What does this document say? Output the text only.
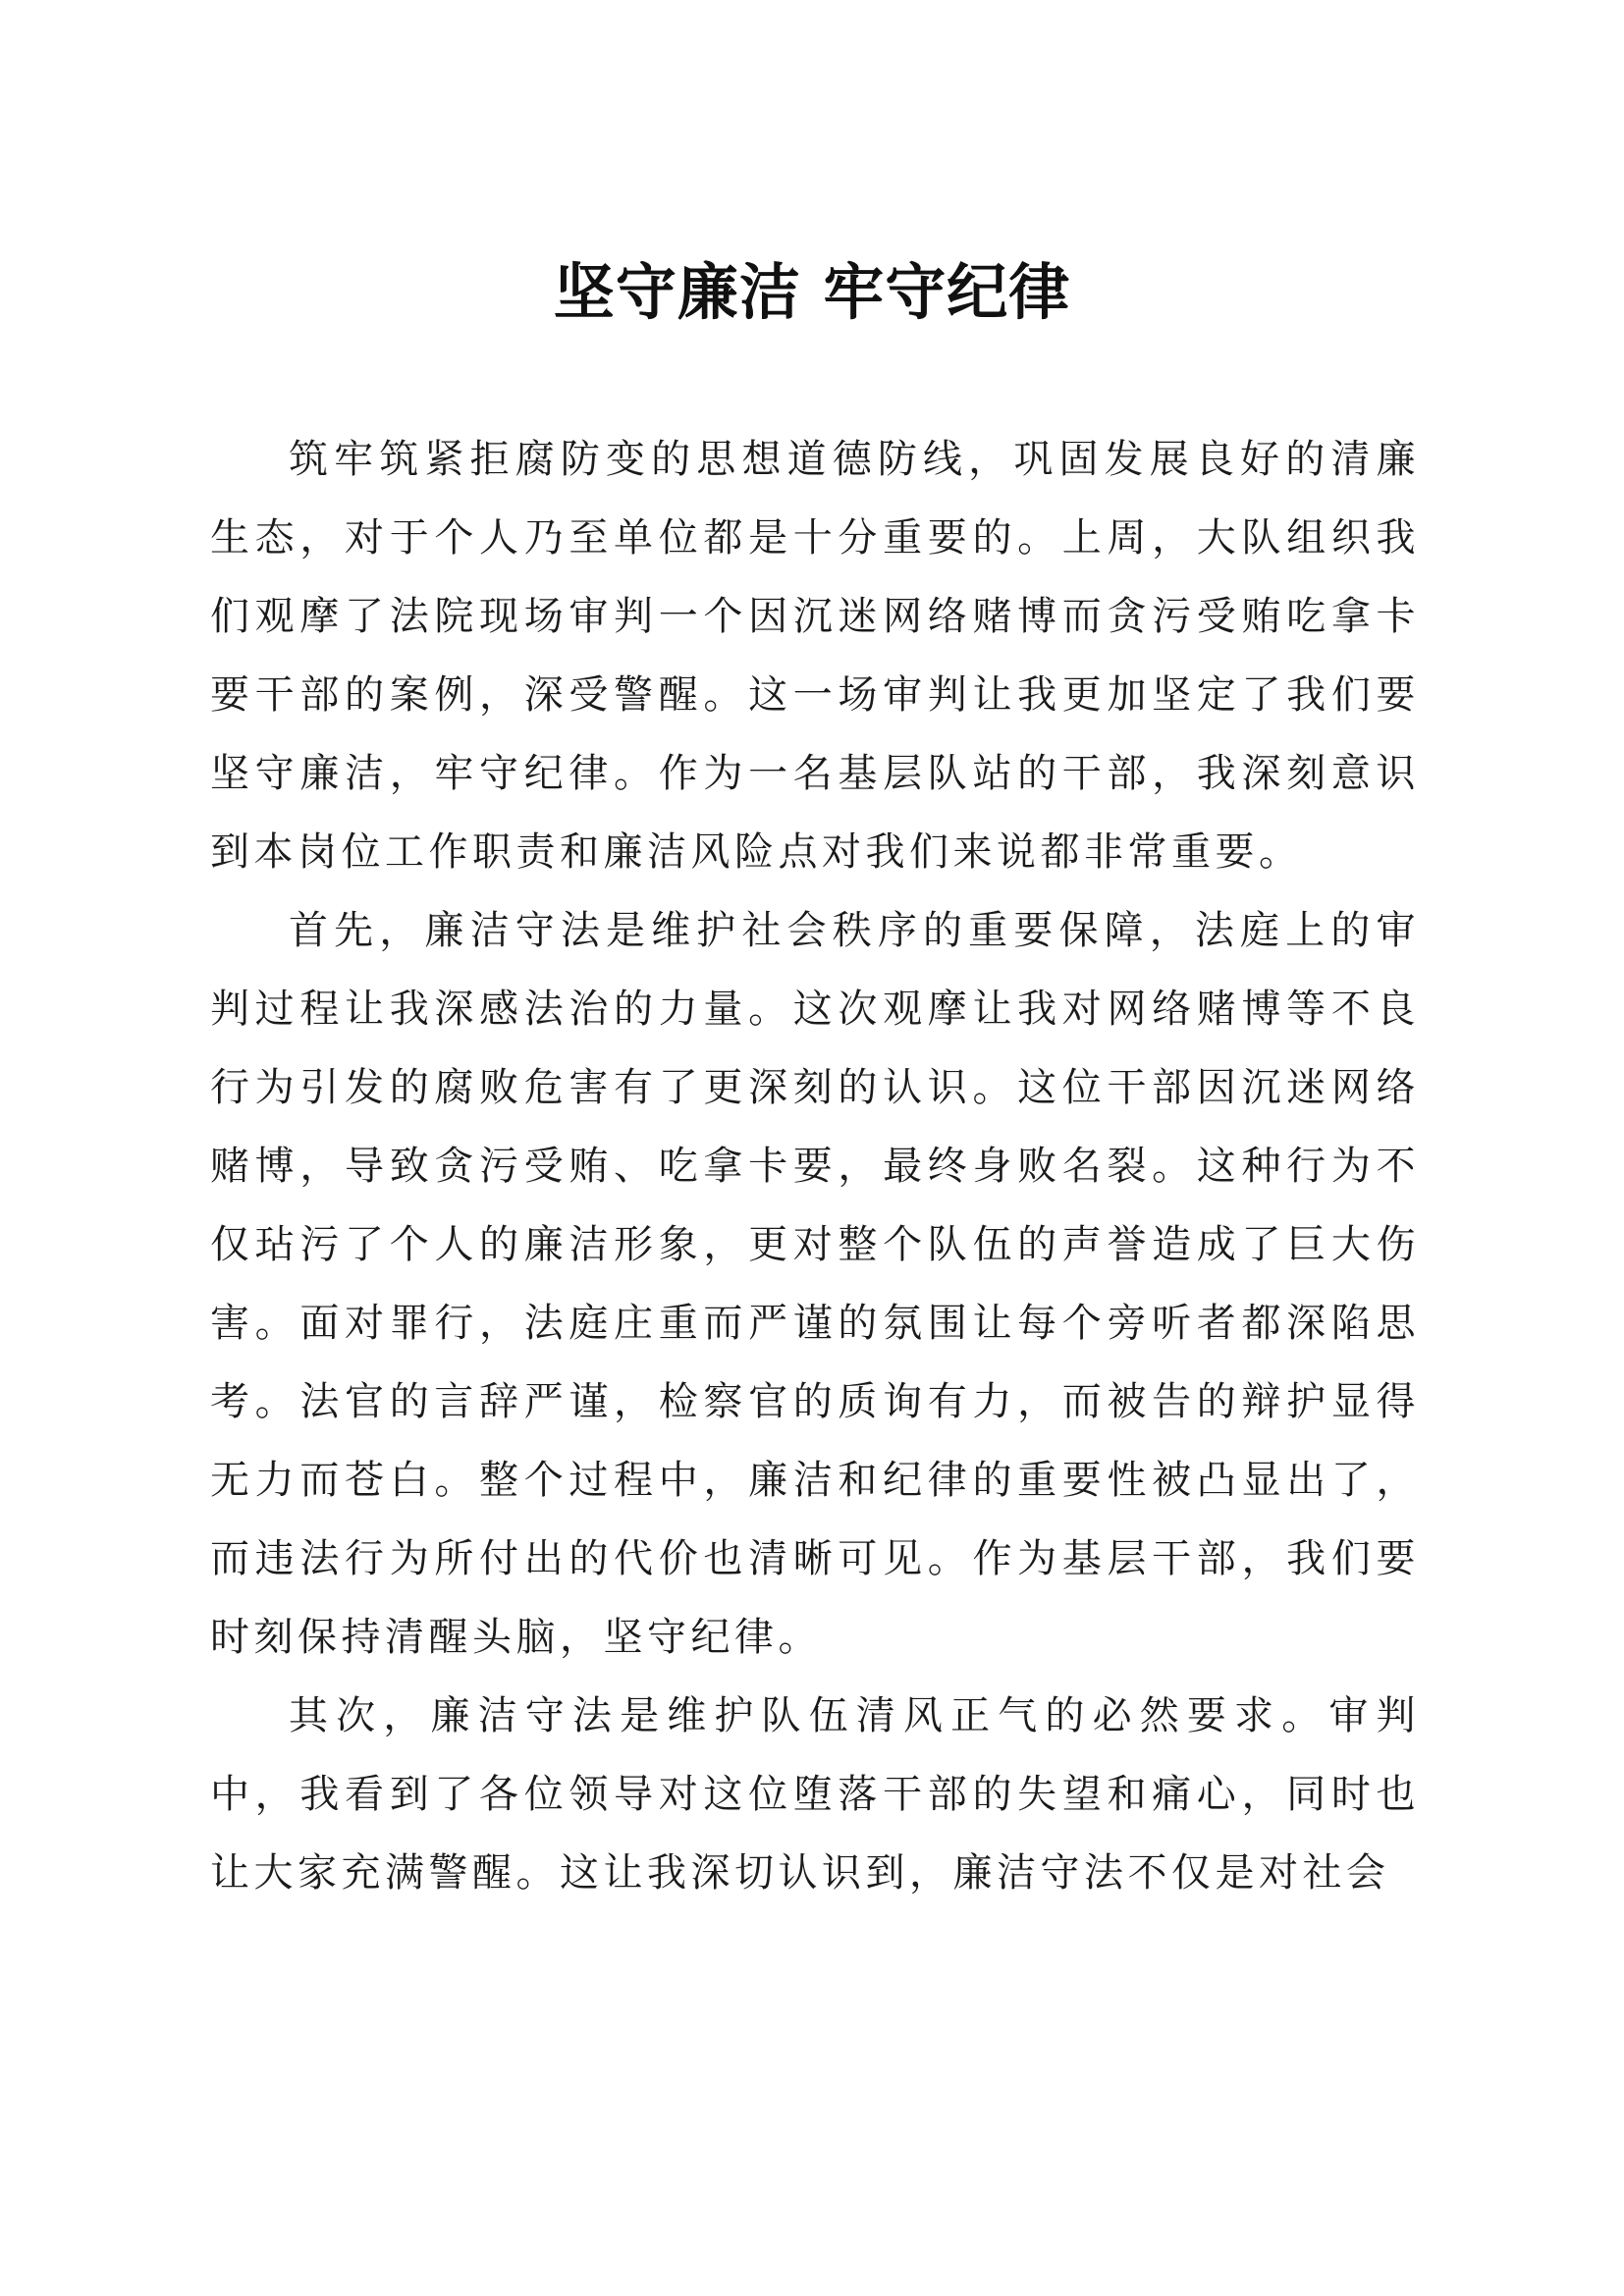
坚守廉洁 牢守纪律

筑牢筑紧拒腐防变的思想道德防线，巩固发展良好的清廉生态，对于个人乃至单位都是十分重要的。上周，大队组织我们观摩了法院现场审判一个因沉迷网络赌博而贪污受贿吃拿卡要干部的案例，深受警醒。这一场审判让我更加坚定了我们要坚守廉洁，牢守纪律。作为一名基层队站的干部，我深刻意识到本岗位工作职责和廉洁风险点对我们来说都非常重要。

首先，廉洁守法是维护社会秩序的重要保障，法庭上的审判过程让我深感法治的力量。这次观摩让我对网络赌博等不良行为引发的腐败危害有了更深刻的认识。这位干部因沉迷网络赌博，导致贪污受贿、吃拿卡要，最终身败名裂。这种行为不仅玷污了个人的廉洁形象，更对整个队伍的声誉造成了巨大伤害。面对罪行，法庭庄重而严谨的氛围让每个旁听者都深陷思考。法官的言辞严谨，检察官的质询有力，而被告的辩护显得无力而苍白。整个过程中，廉洁和纪律的重要性被凸显出了，而违法行为所付出的代价也清晰可见。作为基层干部，我们要时刻保持清醒头脑，坚守纪律。

其次，廉洁守法是维护队伍清风正气的必然要求。审判中，我看到了各位领导对这位堕落干部的失望和痛心，同时也让大家充满警醒。这让我深切认识到，廉洁守法不仅是对社会
